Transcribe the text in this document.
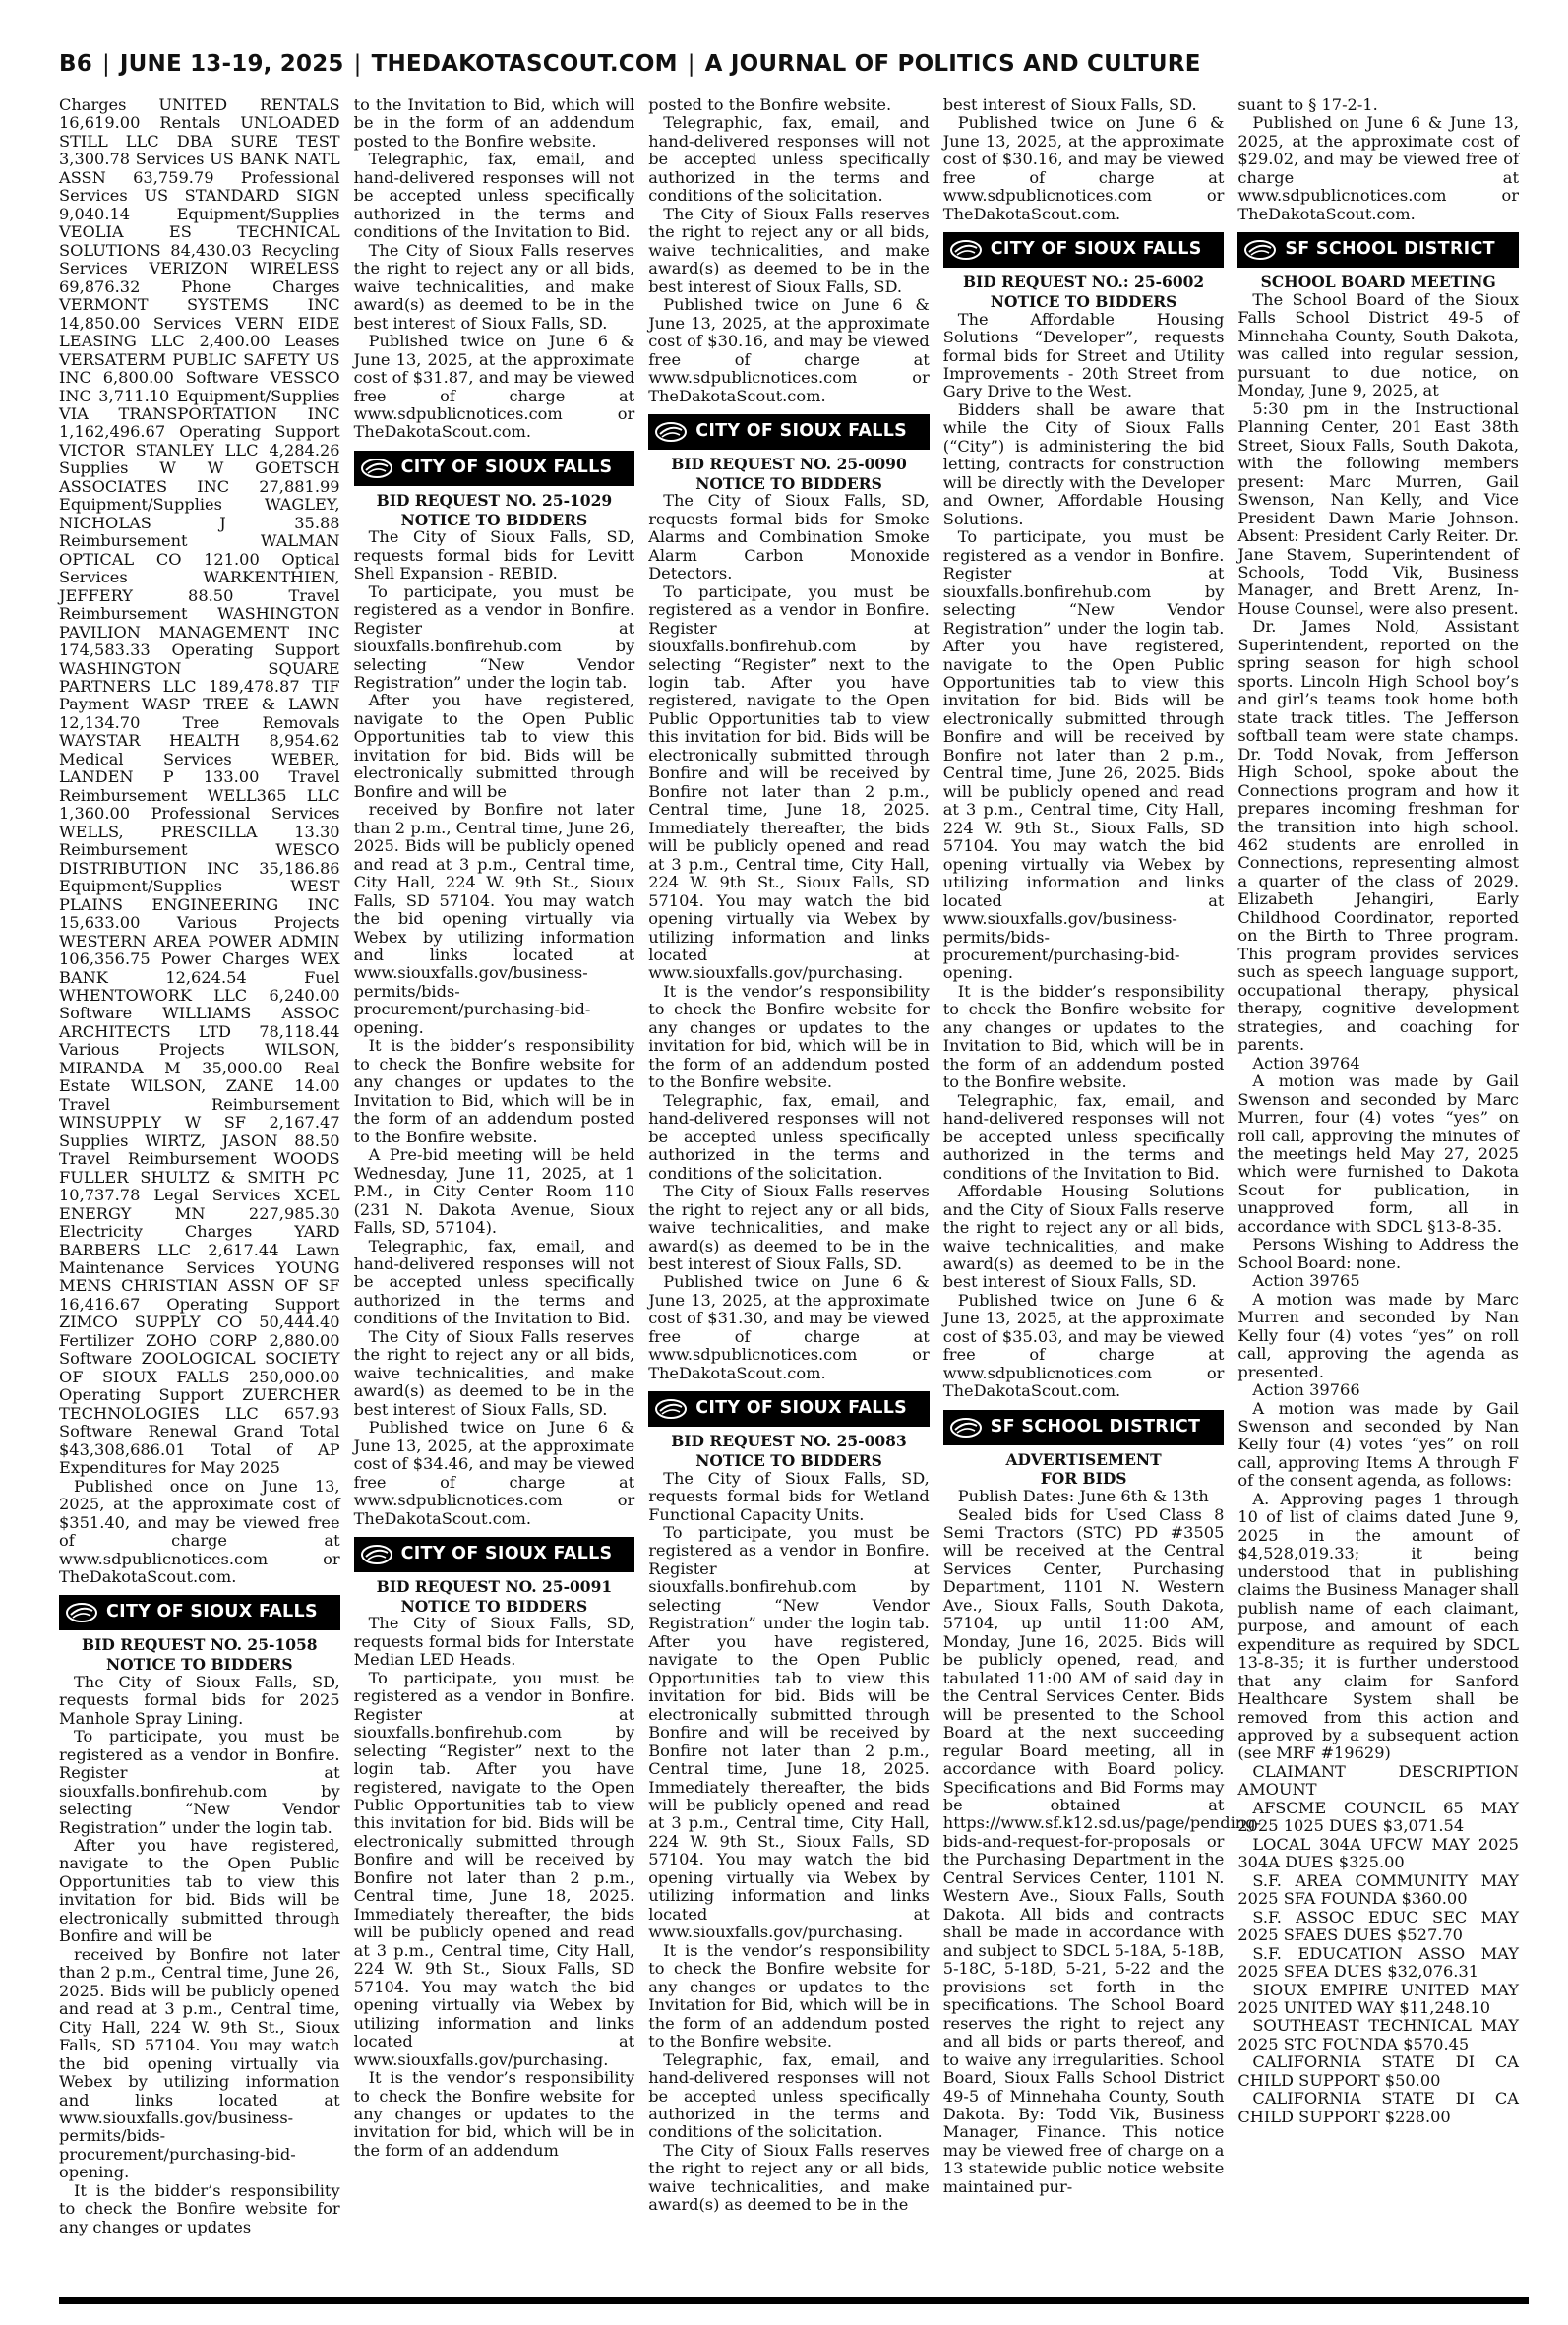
B6 | JUNE 13-19, 2025 | THEDAKOTASCOUT.COM | A JOURNAL OF POLITICS AND CULTURE

Charges UNITED RENTALS 16,619.00 Rentals UNLOADED STILL LLC DBA SURE TEST 3,300.78 Services US BANK NATL ASSN 63,759.79 Professional Services US STANDARD SIGN 9,040.14 Equipment/Supplies VEOLIA ES TECHNICAL SOLUTIONS 84,430.03 Recycling Services VERIZON WIRELESS 69,876.32 Phone Charges VERMONT SYSTEMS INC 14,850.00 Services VERN EIDE LEASING LLC 2,400.00 Leases VERSATERM PUBLIC SAFETY US INC 6,800.00 Software VESSCO INC 3,711.10 Equipment/Supplies VIA TRANSPORTATION INC 1,162,496.67 Operating Support VICTOR STANLEY LLC 4,284.26 Supplies W W GOETSCH ASSOCIATES INC 27,881.99 Equipment/Supplies WAGLEY, NICHOLAS J 35.88 Reimbursement WALMAN OPTICAL CO 121.00 Optical Services WARKENTHIEN, JEFFERY 88.50 Travel Reimbursement WASHINGTON PAVILION MANAGEMENT INC 174,583.33 Operating Support WASHINGTON SQUARE PARTNERS LLC 189,478.87 TIF Payment WASP TREE & LAWN 12,134.70 Tree Removals WAYSTAR HEALTH 8,954.62 Medical Services WEBER, LANDEN P 133.00 Travel Reimbursement WELL365 LLC 1,360.00 Professional Services WELLS, PRESCILLA 13.30 Reimbursement WESCO DISTRIBUTION INC 35,186.86 Equipment/Supplies WEST PLAINS ENGINEERING INC 15,633.00 Various Projects WESTERN AREA POWER ADMIN 106,356.75 Power Charges WEX BANK 12,624.54 Fuel WHENTOWORK LLC 6,240.00 Software WILLIAMS ASSOC ARCHITECTS LTD 78,118.44 Various Projects WILSON, MIRANDA M 35,000.00 Real Estate WILSON, ZANE 14.00 Travel Reimbursement WINSUPPLY W SF 2,167.47 Supplies WIRTZ, JASON 88.50 Travel Reimbursement WOODS FULLER SHULTZ & SMITH PC 10,737.78 Legal Services XCEL ENERGY MN 227,985.30 Electricity Charges YARD BARBERS LLC 2,617.44 Lawn Maintenance Services YOUNG MENS CHRISTIAN ASSN OF SF 16,416.67 Operating Support ZIMCO SUPPLY CO 50,444.40 Fertilizer ZOHO CORP 2,880.00 Software ZOOLOGICAL SOCIETY OF SIOUX FALLS 250,000.00 Operating Support ZUERCHER TECHNOLOGIES LLC 657.93 Software Renewal Grand Total $43,308,686.01 Total of AP Expenditures for May 2025

Published once on June 13, 2025, at the approximate cost of $351.40, and may be viewed free of charge at www.sdpublicnotices.com or TheDakotaScout.com.

CITY OF SIOUX FALLS
BID REQUEST NO. 25-1058
NOTICE TO BIDDERS

The City of Sioux Falls, SD, requests formal bids for 2025 Manhole Spray Lining.

To participate, you must be registered as a vendor in Bonfire. Register at siouxfalls.bonfirehub.com by selecting “New Vendor Registration” under the login tab.

After you have registered, navigate to the Open Public Opportunities tab to view this invitation for bid. Bids will be electronically submitted through Bonfire and will be

received by Bonfire not later than 2 p.m., Central time, June 26, 2025. Bids will be publicly opened and read at 3 p.m., Central time, City Hall, 224 W. 9th St., Sioux Falls, SD 57104. You may watch the bid opening virtually via Webex by utilizing information and links located at www.siouxfalls.gov/business-permits/bids-procurement/purchasing-bid-opening.

It is the bidder’s responsibility to check the Bonfire website for any changes or updates

to the Invitation to Bid, which will be in the form of an addendum posted to the Bonfire website.

Telegraphic, fax, email, and hand-delivered responses will not be accepted unless specifically authorized in the terms and conditions of the Invitation to Bid.

The City of Sioux Falls reserves the right to reject any or all bids, waive technicalities, and make award(s) as deemed to be in the best interest of Sioux Falls, SD.

Published twice on June 6 & June 13, 2025, at the approximate cost of $31.87, and may be viewed free of charge at www.sdpublicnotices.com or TheDakotaScout.com.

CITY OF SIOUX FALLS
BID REQUEST NO. 25-1029
NOTICE TO BIDDERS

The City of Sioux Falls, SD, requests formal bids for Levitt Shell Expansion - REBID.

To participate, you must be registered as a vendor in Bonfire. Register at siouxfalls.bonfirehub.com by selecting “New Vendor Registration” under the login tab.

After you have registered, navigate to the Open Public Opportunities tab to view this invitation for bid. Bids will be electronically submitted through Bonfire and will be

received by Bonfire not later than 2 p.m., Central time, June 26, 2025. Bids will be publicly opened and read at 3 p.m., Central time, City Hall, 224 W. 9th St., Sioux Falls, SD 57104. You may watch the bid opening virtually via Webex by utilizing information and links located at www.siouxfalls.gov/business-permits/bids-procurement/purchasing-bid-opening.

It is the bidder’s responsibility to check the Bonfire website for any changes or updates to the Invitation to Bid, which will be in the form of an addendum posted to the Bonfire website.

A Pre-bid meeting will be held Wednesday, June 11, 2025, at 1 P.M., in City Center Room 110 (231 N. Dakota Avenue, Sioux Falls, SD, 57104).

Telegraphic, fax, email, and hand-delivered responses will not be accepted unless specifically authorized in the terms and conditions of the Invitation to Bid.

The City of Sioux Falls reserves the right to reject any or all bids, waive technicalities, and make award(s) as deemed to be in the best interest of Sioux Falls, SD.

Published twice on June 6 & June 13, 2025, at the approximate cost of $34.46, and may be viewed free of charge at www.sdpublicnotices.com or TheDakotaScout.com.

CITY OF SIOUX FALLS
BID REQUEST NO. 25-0091
NOTICE TO BIDDERS

The City of Sioux Falls, SD, requests formal bids for Interstate Median LED Heads.

To participate, you must be registered as a vendor in Bonfire. Register at siouxfalls.bonfirehub.com by selecting “Register” next to the login tab. After you have registered, navigate to the Open Public Opportunities tab to view this invitation for bid. Bids will be electronically submitted through Bonfire and will be received by Bonfire not later than 2 p.m., Central time, June 18, 2025. Immediately thereafter, the bids will be publicly opened and read at 3 p.m., Central time, City Hall, 224 W. 9th St., Sioux Falls, SD 57104. You may watch the bid opening virtually via Webex by utilizing information and links located at www.siouxfalls.gov/purchasing.

It is the vendor’s responsibility to check the Bonfire website for any changes or updates to the invitation for bid, which will be in the form of an addendum

posted to the Bonfire website.

Telegraphic, fax, email, and hand-delivered responses will not be accepted unless specifically authorized in the terms and conditions of the solicitation.

The City of Sioux Falls reserves the right to reject any or all bids, waive technicalities, and make award(s) as deemed to be in the best interest of Sioux Falls, SD.

Published twice on June 6 & June 13, 2025, at the approximate cost of $30.16, and may be viewed free of charge at www.sdpublicnotices.com or TheDakotaScout.com.

CITY OF SIOUX FALLS
BID REQUEST NO. 25-0090
NOTICE TO BIDDERS

The City of Sioux Falls, SD, requests formal bids for Smoke Alarms and Combination Smoke Alarm Carbon Monoxide Detectors.

To participate, you must be registered as a vendor in Bonfire. Register at siouxfalls.bonfirehub.com by selecting “Register” next to the login tab. After you have registered, navigate to the Open Public Opportunities tab to view this invitation for bid. Bids will be electronically submitted through Bonfire and will be received by Bonfire not later than 2 p.m., Central time, June 18, 2025. Immediately thereafter, the bids will be publicly opened and read at 3 p.m., Central time, City Hall, 224 W. 9th St., Sioux Falls, SD 57104. You may watch the bid opening virtually via Webex by utilizing information and links located at www.siouxfalls.gov/purchasing.

It is the vendor’s responsibility to check the Bonfire website for any changes or updates to the invitation for bid, which will be in the form of an addendum posted to the Bonfire website.

Telegraphic, fax, email, and hand-delivered responses will not be accepted unless specifically authorized in the terms and conditions of the solicitation.

The City of Sioux Falls reserves the right to reject any or all bids, waive technicalities, and make award(s) as deemed to be in the best interest of Sioux Falls, SD.

Published twice on June 6 & June 13, 2025, at the approximate cost of $31.30, and may be viewed free of charge at www.sdpublicnotices.com or TheDakotaScout.com.

CITY OF SIOUX FALLS
BID REQUEST NO. 25-0083
NOTICE TO BIDDERS

The City of Sioux Falls, SD, requests formal bids for Wetland Functional Capacity Units.

To participate, you must be registered as a vendor in Bonfire. Register at siouxfalls.bonfirehub.com by selecting “New Vendor Registration” under the login tab. After you have registered, navigate to the Open Public Opportunities tab to view this invitation for bid. Bids will be electronically submitted through Bonfire and will be received by Bonfire not later than 2 p.m., Central time, June 18, 2025. Immediately thereafter, the bids will be publicly opened and read at 3 p.m., Central time, City Hall, 224 W. 9th St., Sioux Falls, SD 57104. You may watch the bid opening virtually via Webex by utilizing information and links located at www.siouxfalls.gov/purchasing.

It is the vendor’s responsibility to check the Bonfire website for any changes or updates to the Invitation for Bid, which will be in the form of an addendum posted to the Bonfire website.

Telegraphic, fax, email, and hand-delivered responses will not be accepted unless specifically authorized in the terms and conditions of the solicitation.

The City of Sioux Falls reserves the right to reject any or all bids, waive technicalities, and make award(s) as deemed to be in the

best interest of Sioux Falls, SD.

Published twice on June 6 & June 13, 2025, at the approximate cost of $30.16, and may be viewed free of charge at www.sdpublicnotices.com or TheDakotaScout.com.

CITY OF SIOUX FALLS
BID REQUEST NO.: 25-6002
NOTICE TO BIDDERS

The Affordable Housing Solutions “Developer”, requests formal bids for Street and Utility Improvements - 20th Street from Gary Drive to the West.

Bidders shall be aware that while the City of Sioux Falls (“City”) is administering the bid letting, contracts for construction will be directly with the Developer and Owner, Affordable Housing Solutions.

To participate, you must be registered as a vendor in Bonfire. Register at siouxfalls.bonfirehub.com by selecting “New Vendor Registration” under the login tab. After you have registered, navigate to the Open Public Opportunities tab to view this invitation for bid. Bids will be electronically submitted through Bonfire and will be received by Bonfire not later than 2 p.m., Central time, June 26, 2025. Bids will be publicly opened and read at 3 p.m., Central time, City Hall, 224 W. 9th St., Sioux Falls, SD 57104. You may watch the bid opening virtually via Webex by utilizing information and links located at www.siouxfalls.gov/business-permits/bids-procurement/purchasing-bid-opening.

It is the bidder’s responsibility to check the Bonfire website for any changes or updates to the Invitation to Bid, which will be in the form of an addendum posted to the Bonfire website.

Telegraphic, fax, email, and hand-delivered responses will not be accepted unless specifically authorized in the terms and conditions of the Invitation to Bid.

Affordable Housing Solutions and the City of Sioux Falls reserve the right to reject any or all bids, waive technicalities, and make award(s) as deemed to be in the best interest of Sioux Falls, SD.

Published twice on June 6 & June 13, 2025, at the approximate cost of $35.03, and may be viewed free of charge at www.sdpublicnotices.com or TheDakotaScout.com.

SF SCHOOL DISTRICT
ADVERTISEMENT
FOR BIDS

Publish Dates: June 6th & 13th

Sealed bids for Used Class 8 Semi Tractors (STC) PD #3505 will be received at the Central Services Center, Purchasing Department, 1101 N. Western Ave., Sioux Falls, South Dakota, 57104, up until 11:00 AM, Monday, June 16, 2025. Bids will be publicly opened, read, and tabulated 11:00 AM of said day in the Central Services Center. Bids will be presented to the School Board at the next succeeding regular Board meeting, all in accordance with Board policy. Specifications and Bid Forms may be obtained at https://www.sf.k12.sd.us/page/pending-bids-and-request-for-proposals or the Purchasing Department in the Central Services Center, 1101 N. Western Ave., Sioux Falls, South Dakota. All bids and contracts shall be made in accordance with and subject to SDCL 5-18A, 5-18B, 5-18C, 5-18D, 5-21, 5-22 and the provisions set forth in the specifications. The School Board reserves the right to reject any and all bids or parts thereof, and to waive any irregularities. School Board, Sioux Falls School District 49-5 of Minnehaha County, South Dakota. By: Todd Vik, Business Manager, Finance. This notice may be viewed free of charge on a 13 statewide public notice website maintained pur-

suant to § 17-2-1.

Published on June 6 & June 13, 2025, at the approximate cost of $29.02, and may be viewed free of charge at www.sdpublicnotices.com or TheDakotaScout.com.

SF SCHOOL DISTRICT
SCHOOL BOARD MEETING

The School Board of the Sioux Falls School District 49-5 of Minnehaha County, South Dakota, was called into regular session, pursuant to due notice, on Monday, June 9, 2025, at

5:30 pm in the Instructional Planning Center, 201 East 38th Street, Sioux Falls, South Dakota, with the following members present: Marc Murren, Gail Swenson, Nan Kelly, and Vice President Dawn Marie Johnson. Absent: President Carly Reiter. Dr. Jane Stavem, Superintendent of Schools, Todd Vik, Business Manager, and Brett Arenz, In-House Counsel, were also present.

Dr. James Nold, Assistant Superintendent, reported on the spring season for high school sports. Lincoln High School boy’s and girl’s teams took home both state track titles. The Jefferson softball team were state champs. Dr. Todd Novak, from Jefferson High School, spoke about the Connections program and how it prepares incoming freshman for the transition into high school. 462 students are enrolled in Connections, representing almost a quarter of the class of 2029. Elizabeth Jehangiri, Early Childhood Coordinator, reported on the Birth to Three program. This program provides services such as speech language support, occupational therapy, physical therapy, cognitive development strategies, and coaching for parents.

Action 39764

A motion was made by Gail Swenson and seconded by Marc Murren, four (4) votes “yes” on roll call, approving the minutes of the meetings held May 27, 2025 which were furnished to Dakota Scout for publication, in unapproved form, all in accordance with SDCL §13-8-35.

Persons Wishing to Address the School Board: none.

Action 39765

A motion was made by Marc Murren and seconded by Nan Kelly four (4) votes “yes” on roll call, approving the agenda as presented.

Action 39766

A motion was made by Gail Swenson and seconded by Nan Kelly four (4) votes “yes” on roll call, approving Items A through F of the consent agenda, as follows:

A. Approving pages 1 through 10 of list of claims dated June 9, 2025 in the amount of $4,528,019.33; it being understood that in publishing claims the Business Manager shall publish name of each claimant, purpose, and amount of each expenditure as required by SDCL 13-8-35; it is further understood that any claim for Sanford Healthcare System shall be removed from this action and approved by a subsequent action (see MRF #19629)

CLAIMANT DESCRIPTION AMOUNT

AFSCME COUNCIL 65 MAY 2025 1025 DUES $3,071.54

LOCAL 304A UFCW MAY 2025 304A DUES $325.00

S.F. AREA COMMUNITY MAY 2025 SFA FOUNDA $360.00

S.F. ASSOC EDUC SEC MAY 2025 SFAES DUES $527.70

S.F. EDUCATION ASSO MAY 2025 SFEA DUES $32,076.31

SIOUX EMPIRE UNITED MAY 2025 UNITED WAY $11,248.10

SOUTHEAST TECHNICAL MAY 2025 STC FOUNDA $570.45

CALIFORNIA STATE DI CA CHILD SUPPORT $50.00

CALIFORNIA STATE DI CA CHILD SUPPORT $228.00
